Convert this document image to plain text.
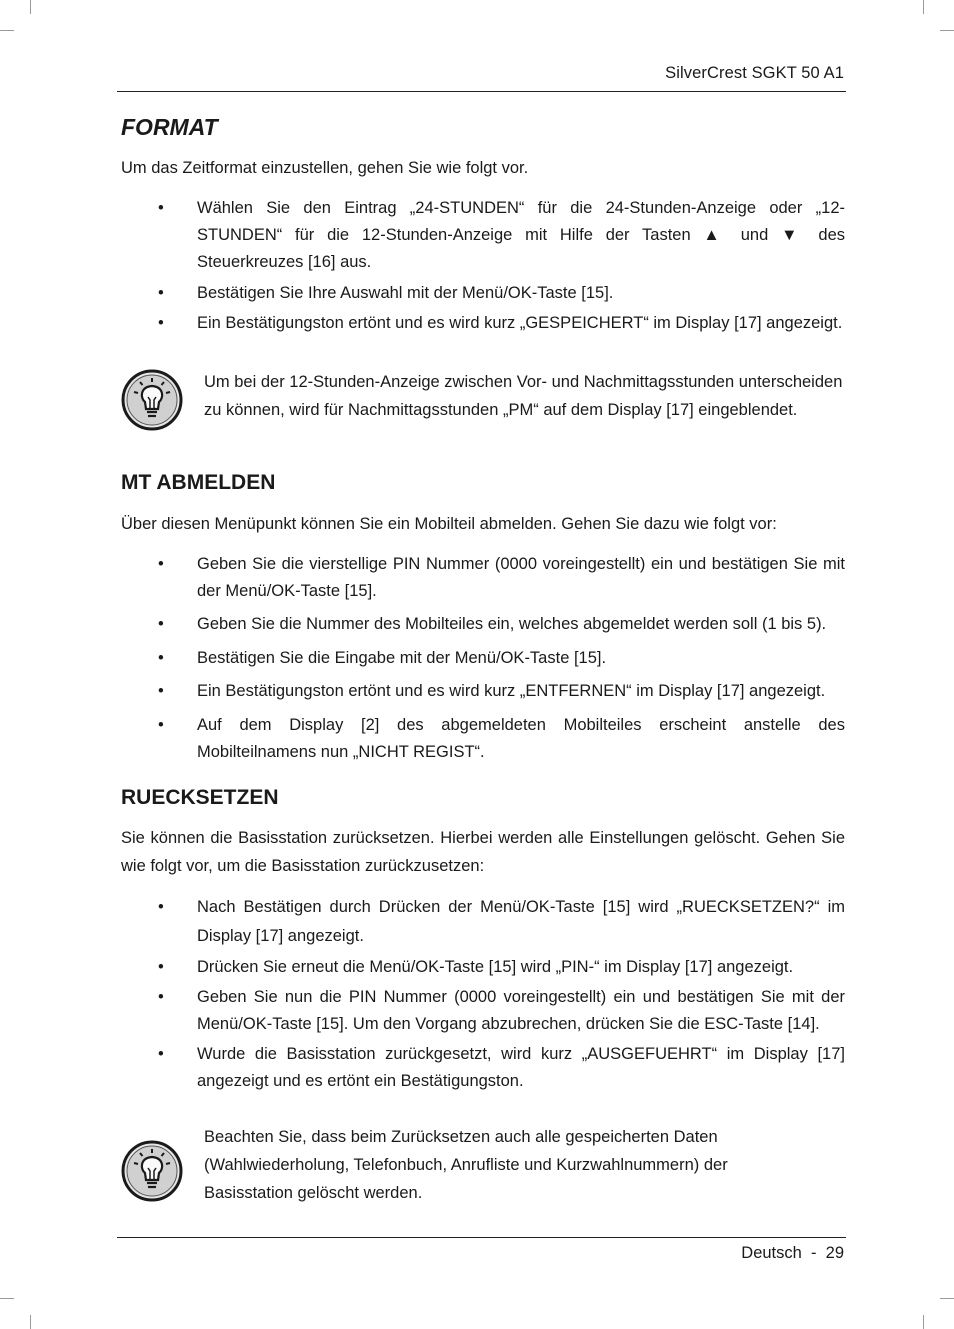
SilverCrest SGKT 50 A1
FORMAT

Um das Zeitformat einzustellen, gehen Sie wie folgt vor.

• Wählen Sie den Eintrag „24-STUNDEN“ für die 24-Stunden-Anzeige oder „12-STUNDEN“ für die 12-Stunden-Anzeige mit Hilfe der Tasten ▲ und ▼ des Steuerkreuzes [16] aus.
• Bestätigen Sie Ihre Auswahl mit der Menü/OK-Taste [15].
• Ein Bestätigungston ertönt und es wird kurz „GESPEICHERT“ im Display [17] angezeigt.
Um bei der 12-Stunden-Anzeige zwischen Vor- und Nachmittagsstunden unterscheiden zu können, wird für Nachmittagsstunden „PM“ auf dem Display [17] eingeblendet.
MT ABMELDEN

Über diesen Menüpunkt können Sie ein Mobilteil abmelden. Gehen Sie dazu wie folgt vor:

• Geben Sie die vierstellige PIN Nummer (0000 voreingestellt) ein und bestätigen Sie mit der Menü/OK-Taste [15].
• Geben Sie die Nummer des Mobilteiles ein, welches abgemeldet werden soll (1 bis 5).
• Bestätigen Sie die Eingabe mit der Menü/OK-Taste [15].
• Ein Bestätigungston ertönt und es wird kurz „ENTFERNEN“ im Display [17] angezeigt.
• Auf dem Display [2] des abgemeldeten Mobilteiles erscheint anstelle des Mobilteilnamens nun „NICHT REGIST“.
RUECKSETZEN

Sie können die Basisstation zurücksetzen. Hierbei werden alle Einstellungen gelöscht. Gehen Sie wie folgt vor, um die Basisstation zurückzusetzen:

• Nach Bestätigen durch Drücken der Menü/OK-Taste [15] wird „RUECKSETZEN?“ im Display [17] angezeigt.
• Drücken Sie erneut die Menü/OK-Taste [15] wird „PIN-“ im Display [17] angezeigt.
• Geben Sie nun die PIN Nummer (0000 voreingestellt) ein und bestätigen Sie mit der Menü/OK-Taste [15]. Um den Vorgang abzubrechen, drücken Sie die ESC-Taste [14].
• Wurde die Basisstation zurückgesetzt, wird kurz „AUSGEFUEHRT“ im Display [17] angezeigt und es ertönt ein Bestätigungston.
Beachten Sie, dass beim Zurücksetzen auch alle gespeicherten Daten (Wahlwiederholung, Telefonbuch, Anrufliste und Kurzwahlnummern) der Basisstation gelöscht werden.
Deutsch  -  29
